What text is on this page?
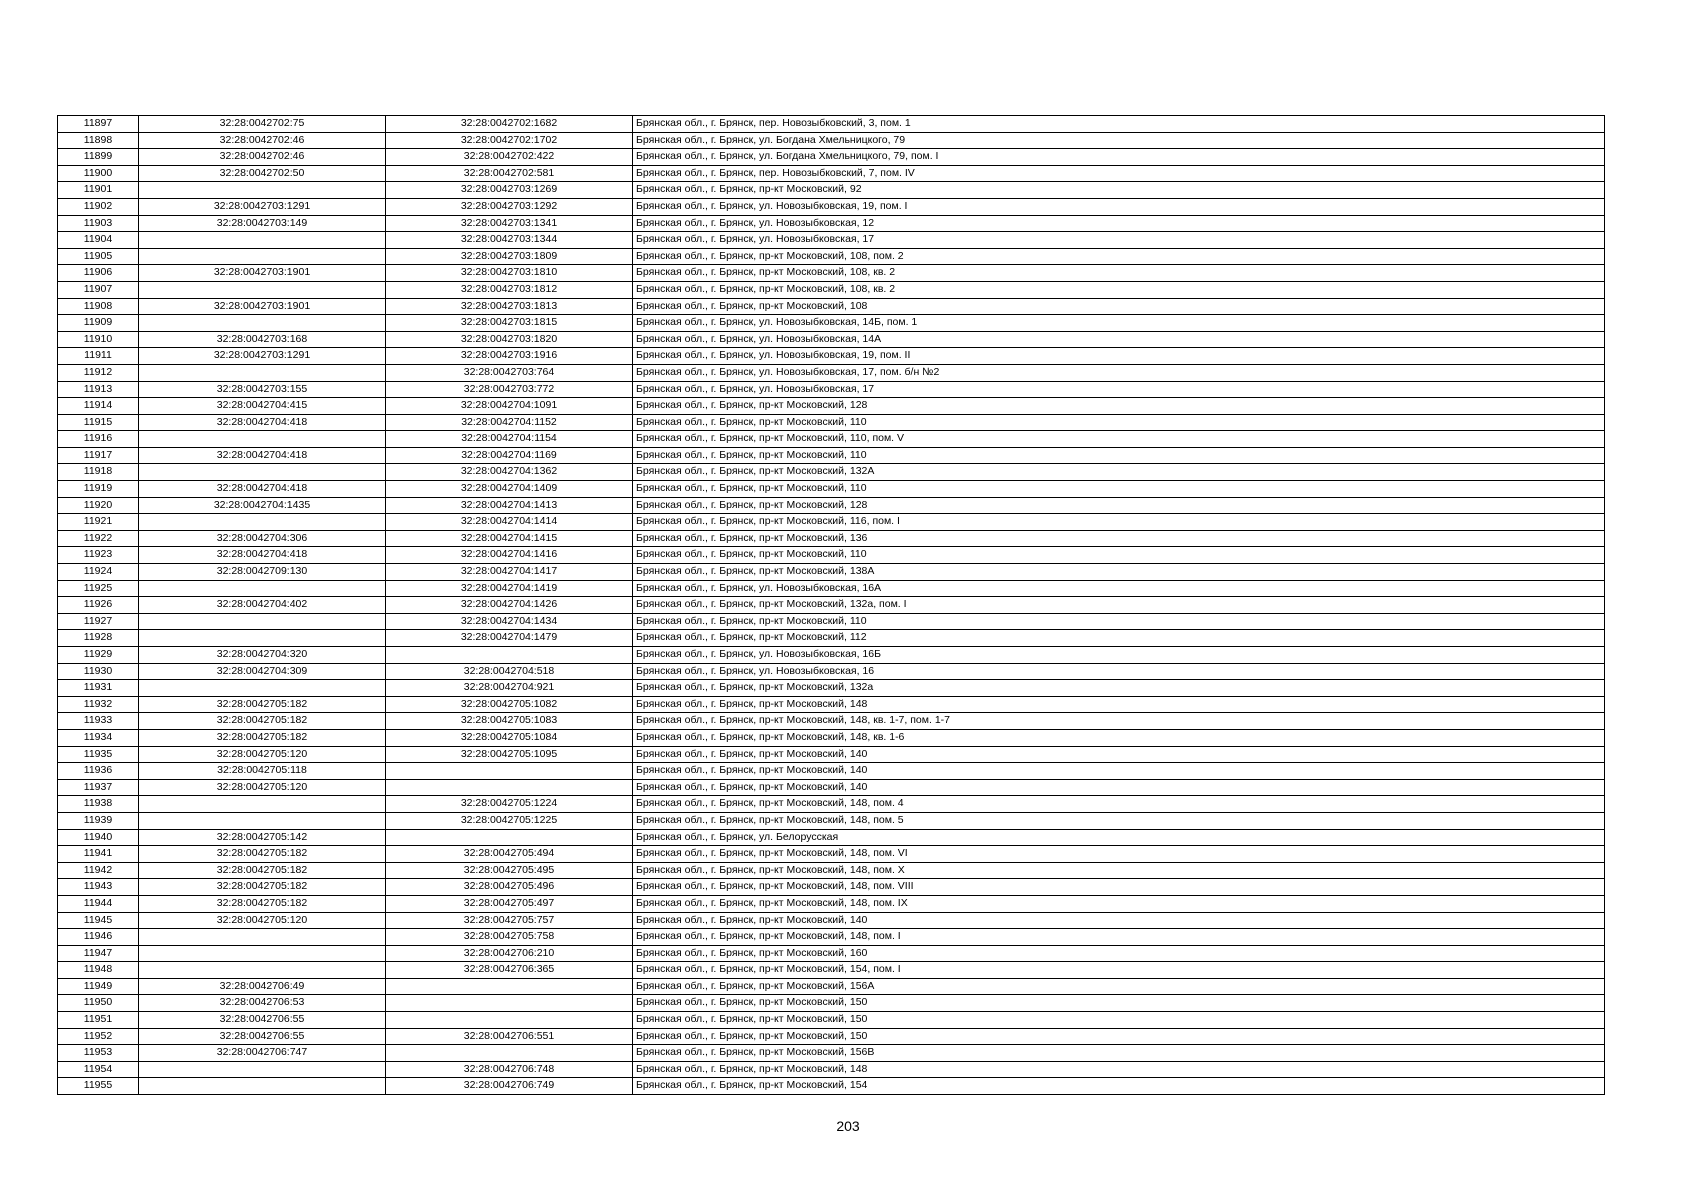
11897	32:28:0042702:75	32:28:0042702:1682	Брянская обл., г. Брянск, пер. Новозыбковский, 3, пом. 1
11898	32:28:0042702:46	32:28:0042702:1702	Брянская обл., г. Брянск, ул. Богдана Хмельницкого, 79
11899	32:28:0042702:46	32:28:0042702:422	Брянская обл., г. Брянск, ул. Богдана Хмельницкого, 79, пом. I
11900	32:28:0042702:50	32:28:0042702:581	Брянская обл., г. Брянск, пер. Новозыбковский, 7, пом. IV
11901		32:28:0042703:1269	Брянская обл., г. Брянск, пр-кт Московский, 92
11902	32:28:0042703:1291	32:28:0042703:1292	Брянская обл., г. Брянск, ул. Новозыбковская, 19, пом. I
11903	32:28:0042703:149	32:28:0042703:1341	Брянская обл., г. Брянск, ул. Новозыбковская, 12
11904		32:28:0042703:1344	Брянская обл., г. Брянск, ул. Новозыбковская, 17
11905		32:28:0042703:1809	Брянская обл., г. Брянск, пр-кт Московский, 108, пом. 2
11906	32:28:0042703:1901	32:28:0042703:1810	Брянская обл., г. Брянск, пр-кт Московский, 108, кв. 2
11907		32:28:0042703:1812	Брянская обл., г. Брянск, пр-кт Московский, 108, кв. 2
11908	32:28:0042703:1901	32:28:0042703:1813	Брянская обл., г. Брянск, пр-кт Московский, 108
11909		32:28:0042703:1815	Брянская обл., г. Брянск, ул. Новозыбковская, 14Б, пом. 1
11910	32:28:0042703:168	32:28:0042703:1820	Брянская обл., г. Брянск, ул. Новозыбковская, 14А
11911	32:28:0042703:1291	32:28:0042703:1916	Брянская обл., г. Брянск, ул. Новозыбковская, 19, пом. II
11912		32:28:0042703:764	Брянская обл., г. Брянск, ул. Новозыбковская, 17, пом. б/н №2
11913	32:28:0042703:155	32:28:0042703:772	Брянская обл., г. Брянск, ул. Новозыбковская, 17
11914	32:28:0042704:415	32:28:0042704:1091	Брянская обл., г. Брянск, пр-кт Московский, 128
11915	32:28:0042704:418	32:28:0042704:1152	Брянская обл., г. Брянск, пр-кт Московский, 110
11916		32:28:0042704:1154	Брянская обл., г. Брянск, пр-кт Московский, 110, пом. V
11917	32:28:0042704:418	32:28:0042704:1169	Брянская обл., г. Брянск, пр-кт Московский, 110
11918		32:28:0042704:1362	Брянская обл., г. Брянск, пр-кт Московский, 132А
11919	32:28:0042704:418	32:28:0042704:1409	Брянская обл., г. Брянск, пр-кт Московский, 110
11920	32:28:0042704:1435	32:28:0042704:1413	Брянская обл., г. Брянск, пр-кт Московский, 128
11921		32:28:0042704:1414	Брянская обл., г. Брянск, пр-кт Московский, 116, пом. I
11922	32:28:0042704:306	32:28:0042704:1415	Брянская обл., г. Брянск, пр-кт Московский, 136
11923	32:28:0042704:418	32:28:0042704:1416	Брянская обл., г. Брянск, пр-кт Московский, 110
11924	32:28:0042709:130	32:28:0042704:1417	Брянская обл., г. Брянск, пр-кт Московский, 138А
11925		32:28:0042704:1419	Брянская обл., г. Брянск, ул. Новозыбковская, 16А
11926	32:28:0042704:402	32:28:0042704:1426	Брянская обл., г. Брянск, пр-кт Московский, 132а, пом. I
11927		32:28:0042704:1434	Брянская обл., г. Брянск, пр-кт Московский, 110
11928		32:28:0042704:1479	Брянская обл., г. Брянск, пр-кт Московский, 112
11929	32:28:0042704:320		Брянская обл., г. Брянск, ул. Новозыбковская, 16Б
11930	32:28:0042704:309	32:28:0042704:518	Брянская обл., г. Брянск, ул. Новозыбковская, 16
11931		32:28:0042704:921	Брянская обл., г. Брянск, пр-кт Московский, 132а
11932	32:28:0042705:182	32:28:0042705:1082	Брянская обл., г. Брянск, пр-кт Московский, 148
11933	32:28:0042705:182	32:28:0042705:1083	Брянская обл., г. Брянск, пр-кт Московский, 148, кв. 1-7, пом. 1-7
11934	32:28:0042705:182	32:28:0042705:1084	Брянская обл., г. Брянск, пр-кт Московский, 148, кв. 1-6
11935	32:28:0042705:120	32:28:0042705:1095	Брянская обл., г. Брянск, пр-кт Московский, 140
11936	32:28:0042705:118		Брянская обл., г. Брянск, пр-кт Московский, 140
11937	32:28:0042705:120		Брянская обл., г. Брянск, пр-кт Московский, 140
11938		32:28:0042705:1224	Брянская обл., г. Брянск, пр-кт Московский, 148, пом. 4
11939		32:28:0042705:1225	Брянская обл., г. Брянск, пр-кт Московский, 148, пом. 5
11940	32:28:0042705:142		Брянская обл., г. Брянск, ул. Белорусская
11941	32:28:0042705:182	32:28:0042705:494	Брянская обл., г. Брянск, пр-кт Московский, 148, пом. VI
11942	32:28:0042705:182	32:28:0042705:495	Брянская обл., г. Брянск, пр-кт Московский, 148, пом. X
11943	32:28:0042705:182	32:28:0042705:496	Брянская обл., г. Брянск, пр-кт Московский, 148, пом. VIII
11944	32:28:0042705:182	32:28:0042705:497	Брянская обл., г. Брянск, пр-кт Московский, 148, пом. IX
11945	32:28:0042705:120	32:28:0042705:757	Брянская обл., г. Брянск, пр-кт Московский, 140
11946		32:28:0042705:758	Брянская обл., г. Брянск, пр-кт Московский, 148, пом. I
11947		32:28:0042706:210	Брянская обл., г. Брянск, пр-кт Московский, 160
11948		32:28:0042706:365	Брянская обл., г. Брянск, пр-кт Московский, 154, пом. I
11949	32:28:0042706:49		Брянская обл., г. Брянск, пр-кт Московский, 156А
11950	32:28:0042706:53		Брянская обл., г. Брянск, пр-кт Московский, 150
11951	32:28:0042706:55		Брянская обл., г. Брянск, пр-кт Московский, 150
11952	32:28:0042706:55	32:28:0042706:551	Брянская обл., г. Брянск, пр-кт Московский, 150
11953	32:28:0042706:747		Брянская обл., г. Брянск, пр-кт Московский, 156В
11954		32:28:0042706:748	Брянская обл., г. Брянск, пр-кт Московский, 148
11955		32:28:0042706:749	Брянская обл., г. Брянск, пр-кт Московский, 154
203
